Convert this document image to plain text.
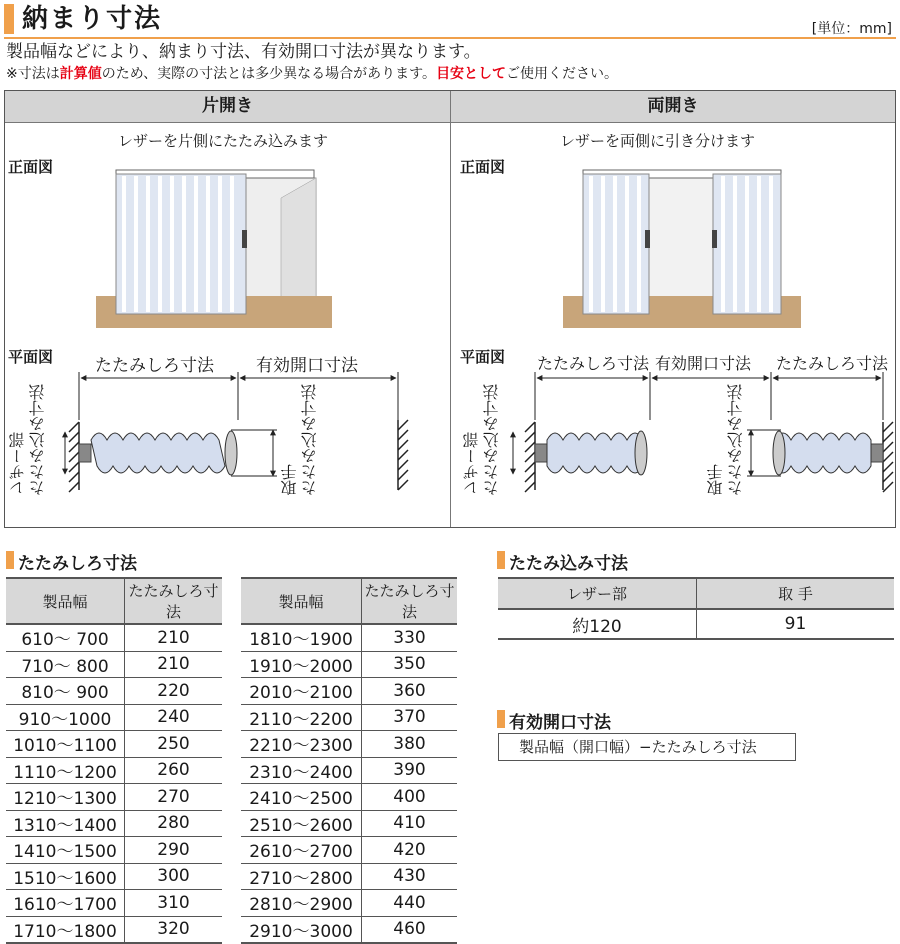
納まり寸法	[単位：mm]
製品幅などにより、納まり寸法、有効開口寸法が異なります。
※寸法は計算値のため、実際の寸法とは多少異なる場合があります。目安としてご使用ください。
片開き	両開き
レザーを片側にたたみ込みます
正面図
平面図
レザーを両側に引き分けます
正面図
平面図
たたみしろ寸法 有効開口寸法
レザー部
たたみ込み寸法	取手
たたみ込み寸法
たたみしろ寸法 有効開口寸法 たたみしろ寸法
レザー部
たたみ込み寸法	取手
たたみ込み寸法
たたみしろ寸法
製品幅	たたみしろ寸法
610～ 700	210
710～ 800	210
810～ 900	220
910～1000	240
1010～1100	250
1110～1200	260
1210～1300	270
1310～1400	280
1410～1500	290
1510～1600	300
1610～1700	310
1710～1800	320
製品幅	たたみしろ寸法
1810～1900	330
1910～2000	350
2010～2100	360
2110～2200	370
2210～2300	380
2310～2400	390
2410～2500	400
2510～2600	410
2610～2700	420
2710～2800	430
2810～2900	440
2910～3000	460
たたみ込み寸法
レザー部	取 手
約120	91
有効開口寸法
製品幅（開口幅）−たたみしろ寸法
